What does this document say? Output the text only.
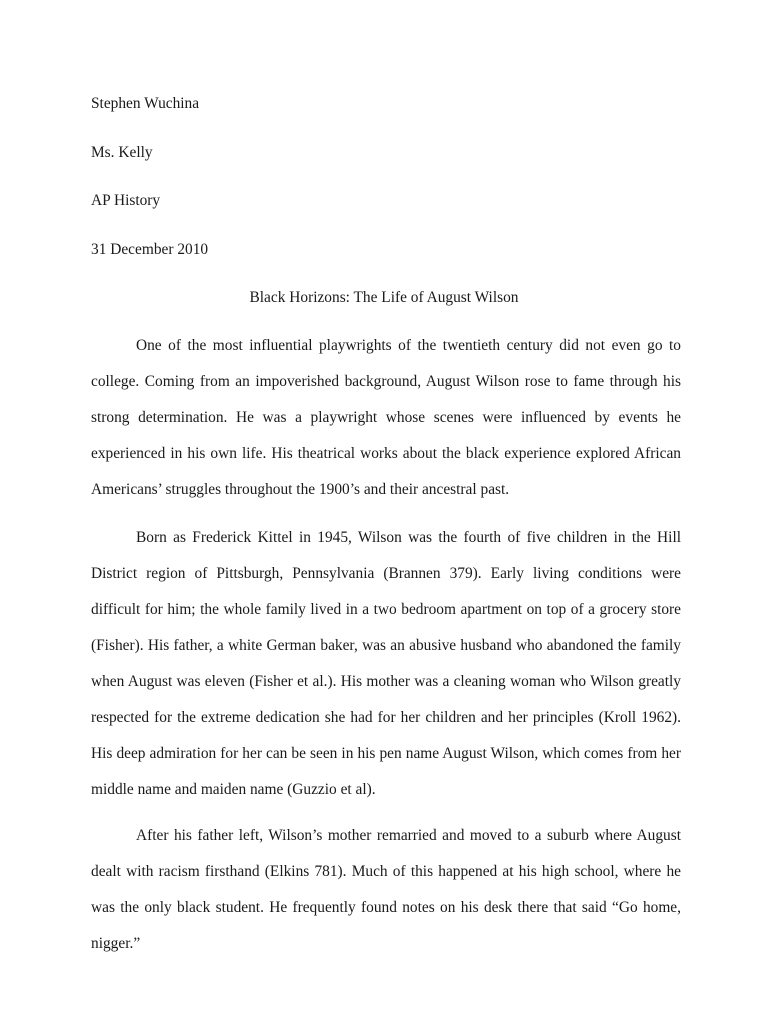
Stephen Wuchina
Ms. Kelly
AP History
31 December 2010
Black Horizons: The Life of August Wilson

One of the most influential playwrights of the twentieth century did not even go to college. Coming from an impoverished background, August Wilson rose to fame through his strong determination. He was a playwright whose scenes were influenced by events he experienced in his own life. His theatrical works about the black experience explored African Americans’ struggles throughout the 1900’s and their ancestral past.

Born as Frederick Kittel in 1945, Wilson was the fourth of five children in the Hill District region of Pittsburgh, Pennsylvania (Brannen 379). Early living conditions were difficult for him; the whole family lived in a two bedroom apartment on top of a grocery store (Fisher). His father, a white German baker, was an abusive husband who abandoned the family when August was eleven (Fisher et al.). His mother was a cleaning woman who Wilson greatly respected for the extreme dedication she had for her children and her principles (Kroll 1962). His deep admiration for her can be seen in his pen name August Wilson, which comes from her middle name and maiden name (Guzzio et al).

After his father left, Wilson’s mother remarried and moved to a suburb where August dealt with racism firsthand (Elkins 781). Much of this happened at his high school, where he was the only black student. He frequently found notes on his desk there that said “Go home, nigger.”
